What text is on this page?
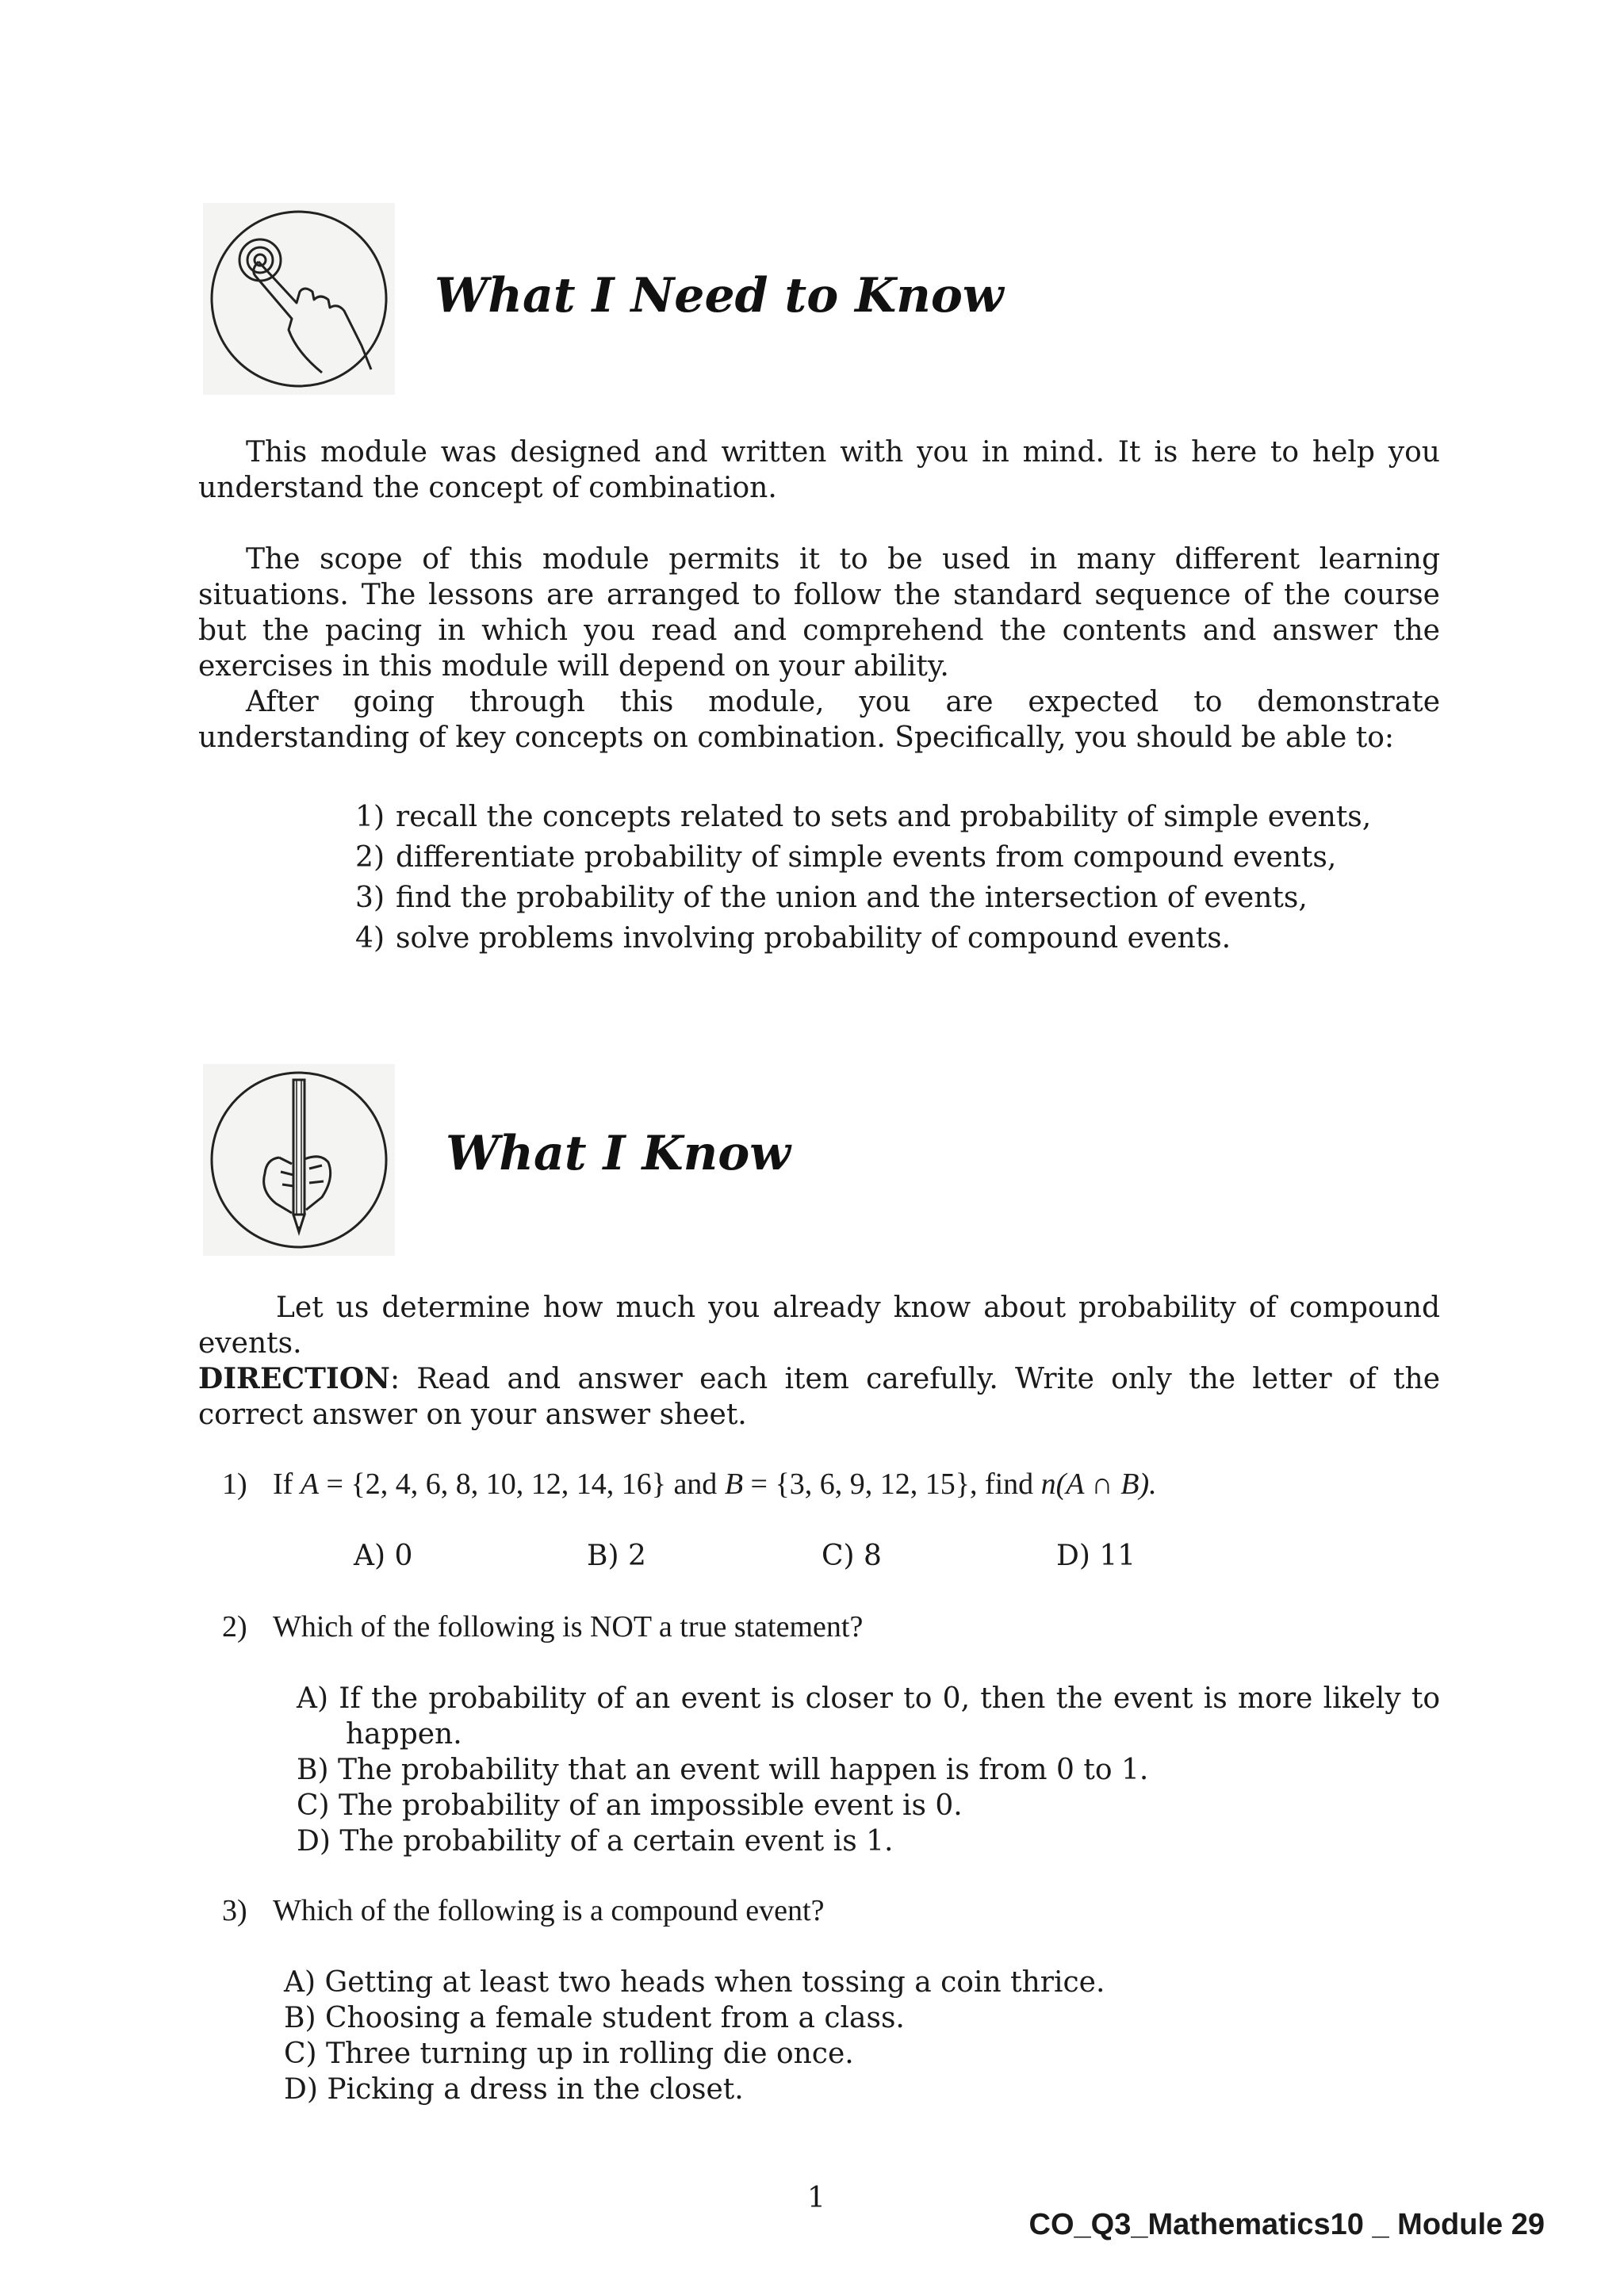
What I Need to Know
This module was designed and written with you in mind. It is here to help you
understand the concept of combination.
The scope of this module permits it to be used in many different learning
situations. The lessons are arranged to follow the standard sequence of the course
but the pacing in which you read and comprehend the contents and answer the
exercises in this module will depend on your ability.
After going through this module, you are expected to demonstrate
understanding of key concepts on combination. Specifically, you should be able to:
1) recall the concepts related to sets and probability of simple events,
2) differentiate probability of simple events from compound events,
3) find the probability of the union and the intersection of events,
4) solve problems involving probability of compound events.
What I Know
Let us determine how much you already know about probability of compound
events.
DIRECTION: Read and answer each item carefully. Write only the letter of the
correct answer on your answer sheet.
1) If A = {2, 4, 6, 8, 10, 12, 14, 16} and B = {3, 6, 9, 12, 15}, find n(A ∩ B).
A) 0	B) 2	C) 8	D) 11
2) Which of the following is NOT a true statement?
A) If the probability of an event is closer to 0, then the event is more likely to
happen.
B) The probability that an event will happen is from 0 to 1.
C) The probability of an impossible event is 0.
D) The probability of a certain event is 1.
3) Which of the following is a compound event?
A) Getting at least two heads when tossing a coin thrice.
B) Choosing a female student from a class.
C) Three turning up in rolling die once.
D) Picking a dress in the closet.
1
CO_Q3_Mathematics10 _ Module 29
